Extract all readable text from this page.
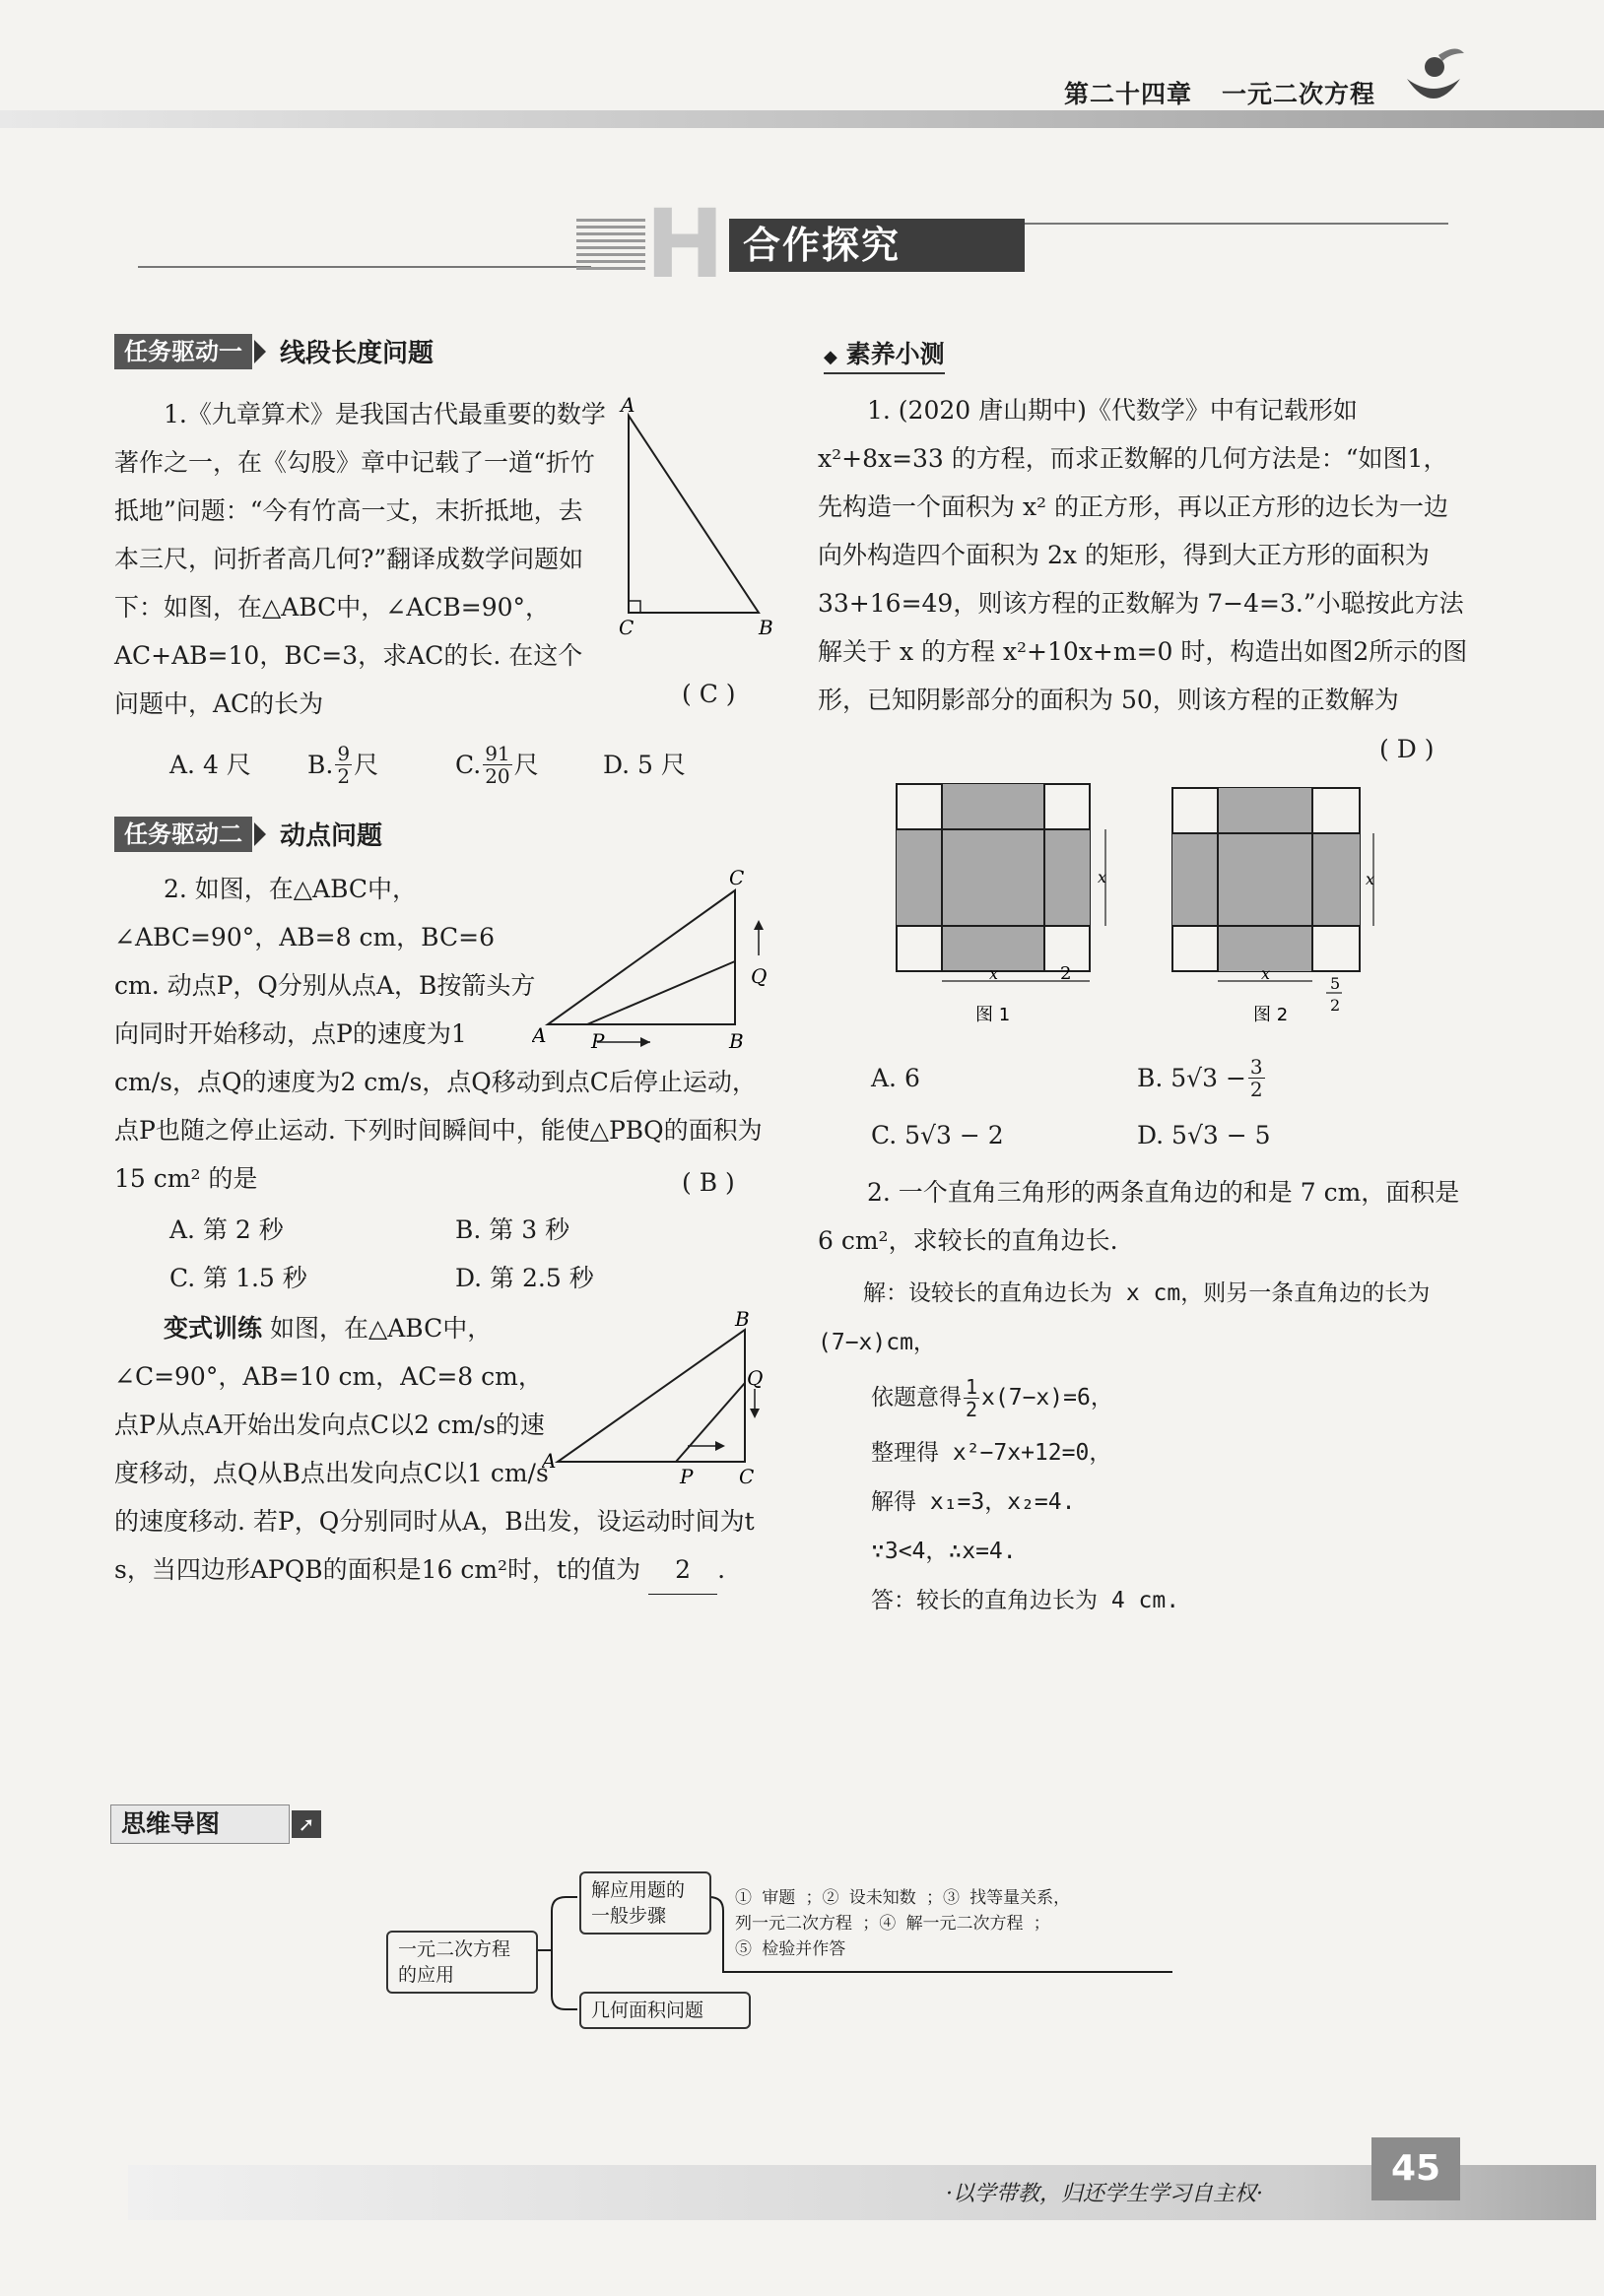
第二十四章 一元二次方程
H 合作探究
任务驱动一	线段长度问题
1.《九章算术》是我国古代最重要的数学著作之一，在《勾股》章中记载了一道“折竹抵地”问题：“今有竹高一丈，末折抵地，去本三尺，问折者高几何?”翻译成数学问题如下：如图，在△ABC中，∠ACB=90°，AC+AB=10，BC=3，求AC的长. 在这个问题中，AC的长为	( C )
A
C	B
A. 4 尺	B. $\frac{9}{2}$ 尺	C. $\frac{91}{20}$ 尺	D. 5 尺
任务驱动二	动点问题
2. 如图，在△ABC中，∠ABC=90°，AB=8 cm，BC=6 cm. 动点P，Q分别从点A，B按箭头方向同时开始移动，点P的速度为1 cm/s，点Q的速度为2 cm/s，点Q移动到点C后停止运动，点P也随之停止运动. 下列时间瞬间中，能使△PBQ的面积为15 cm² 的是	( B )
C
Q
A P	B
A. 第 2 秒	B. 第 3 秒
C. 第 1.5 秒	D. 第 2.5 秒
变式训练 如图，在△ABC中，∠C=90°，AB=10 cm，AC=8 cm，点P从点A开始出发向点C以2 cm/s的速度移动，点Q从B点出发向点C以1 cm/s的速度移动. 若P，Q分别同时从A，B出发，设运动时间为t s，当四边形APQB的面积是16 cm²时，t的值为 2 .
B
Q
A
P C
◆ 素养小测
1. (2020 唐山期中)《代数学》中有记载形如 x²+8x=33 的方程，而求正数解的几何方法是：“如图1，先构造一个面积为 x² 的正方形，再以正方形的边长为一边向外构造四个面积为 2x 的矩形，得到大正方形的面积为 33+16=49，则该方程的正数解为 7−4=3.”小聪按此方法解关于 x 的方程 x²+10x+m=0 时，构造出如图2所示的图形，已知阴影部分的面积为 50，则该方程的正数解为
( D )
x	2
x
图 1
x
5
2
x
图 2
A. 6	B. $5√3 - \frac{3}{2}$
C. 5√3 − 2	D. 5√3 − 5
2. 一个直角三角形的两条直角边的和是 7 cm，面积是 6 cm²，求较长的直角边长.
解：设较长的直角边长为 x cm，则另一条直角边的长为(7−x)cm，
依题意得 $\frac{1}{2} x(7-x)=6$，
整理得 x²−7x+12=0，
解得 x₁=3，x₂=4.
∵3<4，∴x=4.
答：较长的直角边长为 4 cm.
思维导图	➚
一元二次方程的应用
解应用题的一般步骤
几何面积问题
① 审题 ；② 设未知数 ；③ 找等量关系，
列一元二次方程 ；④ 解一元二次方程 ；
⑤ 检验并作答
·以学带教，归还学生学习自主权·
45
